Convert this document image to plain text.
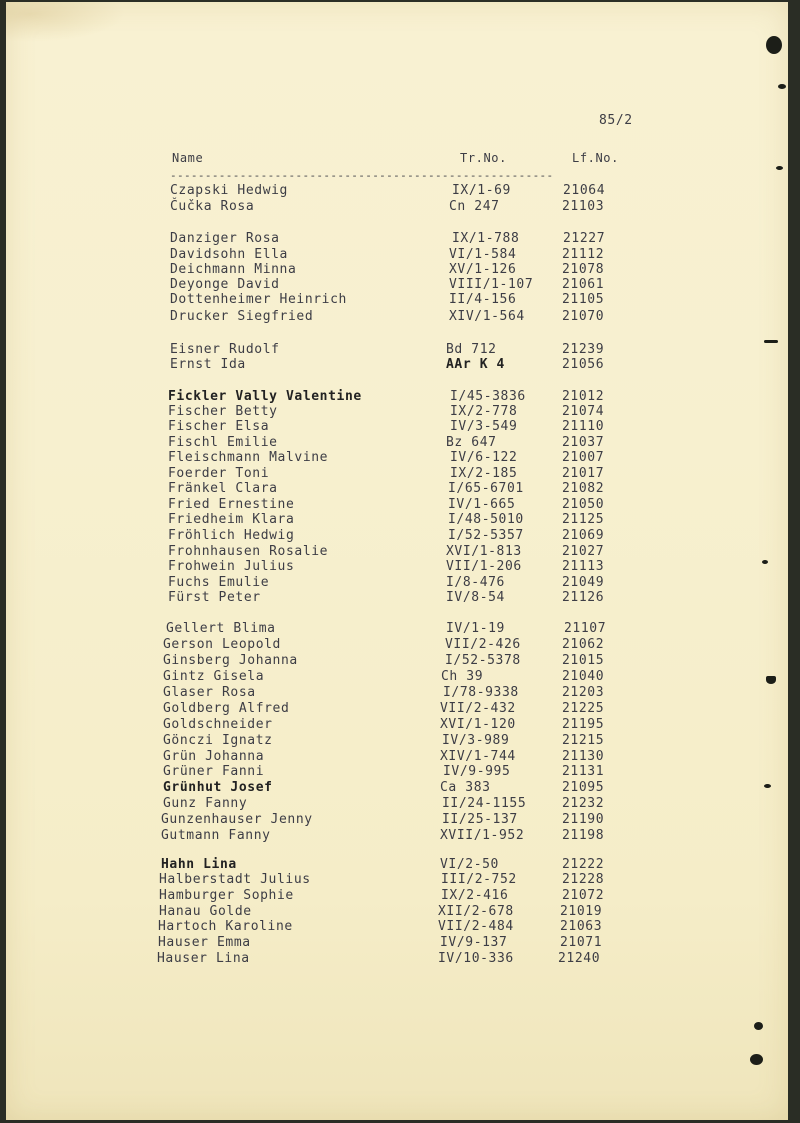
85/2
Name	Tr.No.	Lf.No.
-------------------------------------------------------
Czapski Hedwig	IX/1-69	21064
Čučka Rosa	Cn 247	21103
Danziger Rosa	IX/1-788	21227
Davidsohn Ella	VI/1-584	21112
Deichmann Minna	XV/1-126	21078
Deyonge David	VIII/1-107 21061
Dottenheimer Heinrich	II/4-156	21105
Drucker Siegfried	XIV/1-564	21070
Eisner Rudolf	Bd 712	21239
Ernst Ida	AAr K 4	21056
Fickler Vally Valentine	I/45-3836	21012
Fischer Betty	IX/2-778	21074
Fischer Elsa	IV/3-549	21110
Fischl Emilie	Bz 647	21037
Fleischmann Malvine	IV/6-122	21007
Foerder Toni	IX/2-185	21017
Fränkel Clara	I/65-6701	21082
Fried Ernestine	IV/1-665	21050
Friedheim Klara	I/48-5010	21125
Fröhlich Hedwig	I/52-5357	21069
Frohnhausen Rosalie	XVI/1-813	21027
Frohwein Julius	VII/1-206	21113
Fuchs Emulie	I/8-476	21049
Fürst Peter	IV/8-54	21126
Gellert Blima	IV/1-19	21107
Gerson Leopold	VII/2-426	21062
Ginsberg Johanna	I/52-5378	21015
Gintz Gisela	Ch 39	21040
Glaser Rosa	I/78-9338	21203
Goldberg Alfred	VII/2-432	21225
Goldschneider	XVI/1-120	21195
Gönczi Ignatz	IV/3-989	21215
Grün Johanna	XIV/1-744	21130
Grüner Fanni	IV/9-995	21131
Grünhut Josef	Ca 383	21095
Gunz Fanny	II/24-1155	21232
Gunzenhauser Jenny	II/25-137	21190
Gutmann Fanny	XVII/1-952	21198
Hahn Lina	VI/2-50	21222
Halberstadt Julius	III/2-752	21228
Hamburger Sophie	IX/2-416	21072
Hanau Golde	XII/2-678	21019
Hartoch Karoline	VII/2-484	21063
Hauser Emma	IV/9-137	21071
Hauser Lina	IV/10-336	21240
